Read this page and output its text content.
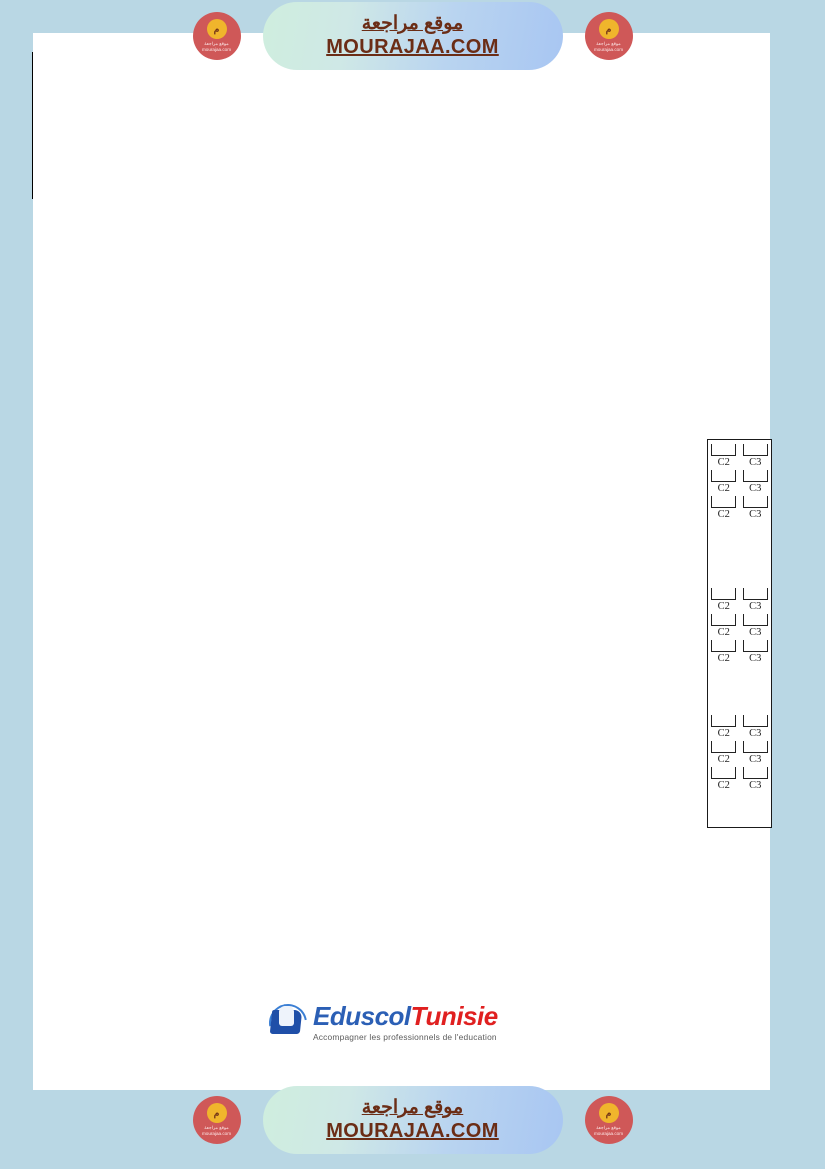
م
موقع مراجعة
mourajaa.com
موقع مراجعة
MOURAJAA.COM
م
موقع مراجعة
mourajaa.com

C2	C3
C2	C3
C2	C3
C2	C3
C2	C3
C2	C3
C2	C3
C2	C3
C2	C3

EduscolTunisie
Accompagner les professionnels de l'education
م
موقع مراجعة
mourajaa.com
موقع مراجعة
MOURAJAA.COM
م
موقع مراجعة
mourajaa.com
